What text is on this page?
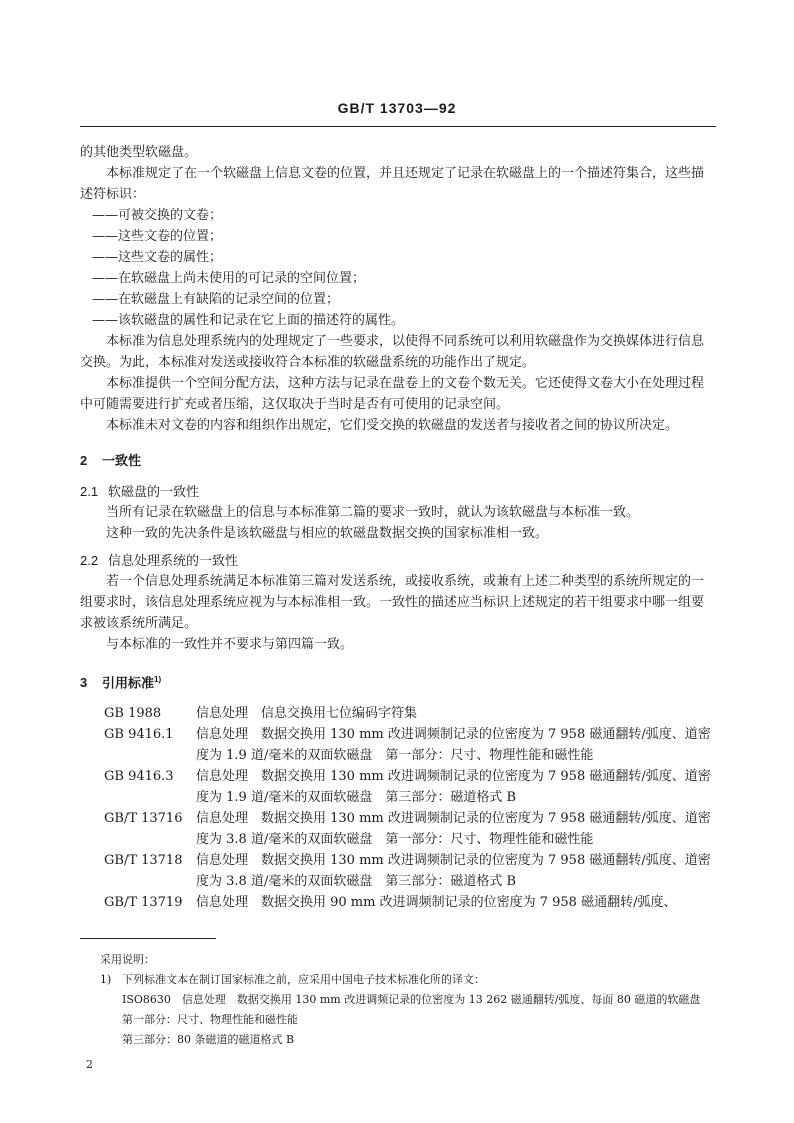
GB/T 13703—92

的其他类型软磁盘。

本标准规定了在一个软磁盘上信息文卷的位置，并且还规定了记录在软磁盘上的一个描述符集合，这些描述符标识：

——可被交换的文卷；

——这些文卷的位置；

——这些文卷的属性；

——在软磁盘上尚未使用的可记录的空间位置；

——在软磁盘上有缺陷的记录空间的位置；

——该软磁盘的属性和记录在它上面的描述符的属性。

本标准为信息处理系统内的处理规定了一些要求，以使得不同系统可以利用软磁盘作为交换媒体进行信息交换。为此，本标准对发送或接收符合本标准的软磁盘系统的功能作出了规定。

本标准提供一个空间分配方法，这种方法与记录在盘卷上的文卷个数无关。它还使得文卷大小在处理过程中可随需要进行扩充或者压缩，这仅取决于当时是否有可使用的记录空间。

本标准未对文卷的内容和组织作出规定，它们受交换的软磁盘的发送者与接收者之间的协议所决定。

2 一致性
2.1 软磁盘的一致性

当所有记录在软磁盘上的信息与本标准第二篇的要求一致时，就认为该软磁盘与本标准一致。

这种一致的先决条件是该软磁盘与相应的软磁盘数据交换的国家标准相一致。

2.2 信息处理系统的一致性

若一个信息处理系统满足本标准第三篇对发送系统，或接收系统，或兼有上述二种类型的系统所规定的一组要求时，该信息处理系统应视为与本标准相一致。一致性的描述应当标识上述规定的若干组要求中哪一组要求被该系统所满足。

与本标准的一致性并不要求与第四篇一致。

3 引用标准$^{1)}$
GB 1988	信息处理　信息交换用七位编码字符集
GB 9416.1	信息处理　数据交换用 130 mm 改进调频制记录的位密度为 7 958 磁通翻转/弧度、道密度为 1.9 道/毫米的双面软磁盘　第一部分：尺寸、物理性能和磁性能
GB 9416.3	信息处理　数据交换用 130 mm 改进调频制记录的位密度为 7 958 磁通翻转/弧度、道密度为 1.9 道/毫米的双面软磁盘　第三部分：磁道格式 B
GB/T 13716	信息处理　数据交换用 130 mm 改进调频制记录的位密度为 7 958 磁通翻转/弧度、道密度为 3.8 道/毫米的双面软磁盘　第一部分：尺寸、物理性能和磁性能
GB/T 13718	信息处理　数据交换用 130 mm 改进调频制记录的位密度为 7 958 磁通翻转/弧度、道密度为 3.8 道/毫米的双面软磁盘　第三部分：磁道格式 B
GB/T 13719	信息处理　数据交换用 90 mm 改进调频制记录的位密度为 7 958 磁通翻转/弧度、

采用说明：

1) 下列标准文本在制订国家标准之前，应采用中国电子技术标准化所的译文：

ISO8630　信息处理　数据交换用 130 mm 改进调频记录的位密度为 13 262 磁通翻转/弧度、每面 80 磁道的软磁盘

第一部分：尺寸、物理性能和磁性能

第三部分：80 条磁道的磁道格式 B

2
